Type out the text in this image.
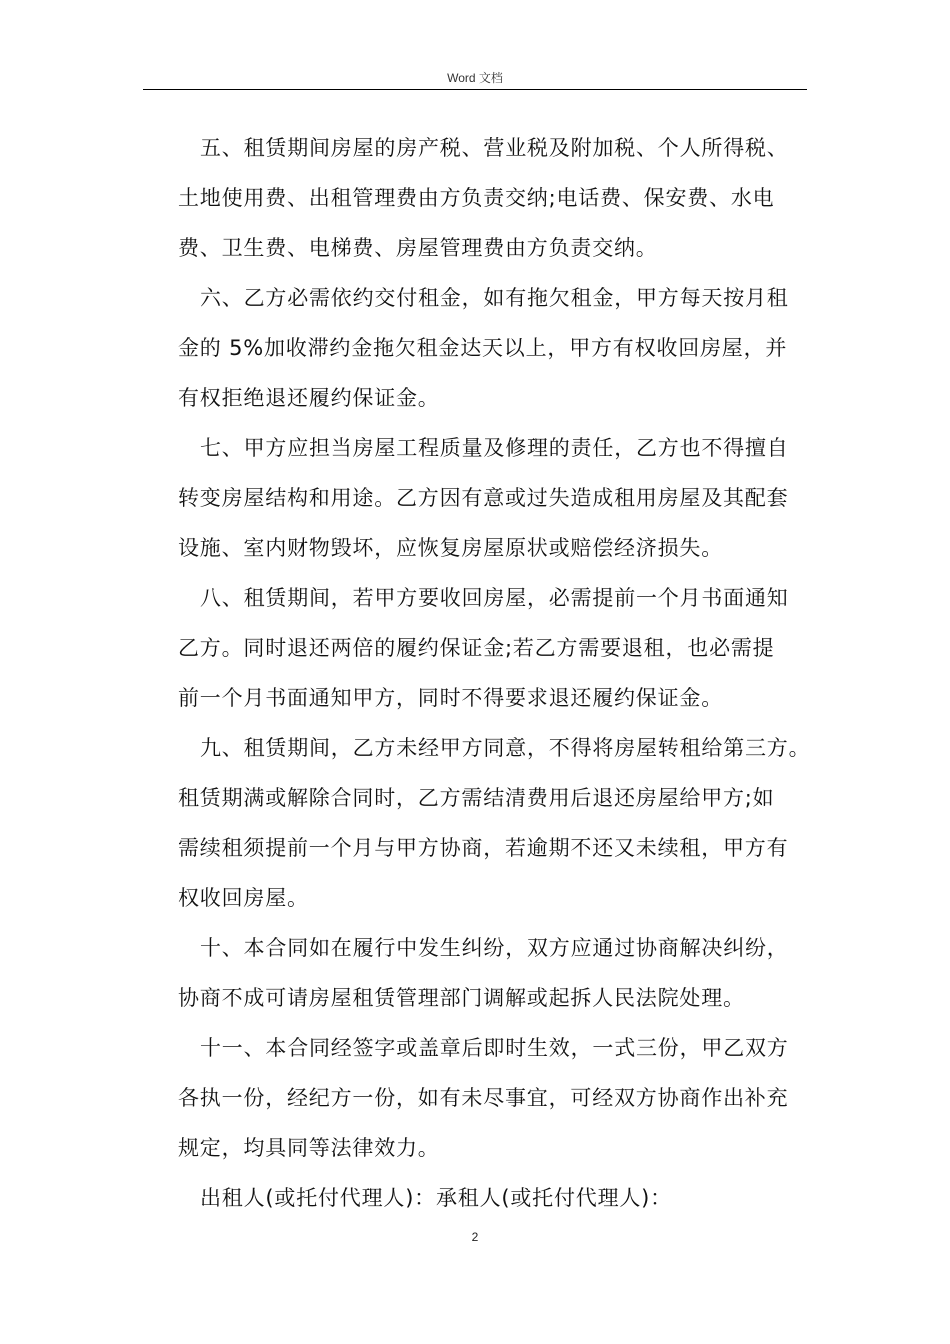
Word 文档

五、租赁期间房屋的房产税、营业税及附加税、个人所得税、

土地使用费、出租管理费由方负责交纳;电话费、保安费、水电

费、卫生费、电梯费、房屋管理费由方负责交纳。

六、乙方必需依约交付租金，如有拖欠租金，甲方每天按月租

金的 5%加收滞约金拖欠租金达天以上，甲方有权收回房屋，并

有权拒绝退还履约保证金。

七、甲方应担当房屋工程质量及修理的责任，乙方也不得擅自

转变房屋结构和用途。乙方因有意或过失造成租用房屋及其配套

设施、室内财物毁坏，应恢复房屋原状或赔偿经济损失。

八、租赁期间，若甲方要收回房屋，必需提前一个月书面通知

乙方。同时退还两倍的履约保证金;若乙方需要退租，也必需提

前一个月书面通知甲方，同时不得要求退还履约保证金。

九、租赁期间，乙方未经甲方同意，不得将房屋转租给第三方。

租赁期满或解除合同时，乙方需结清费用后退还房屋给甲方;如

需续租须提前一个月与甲方协商，若逾期不还又未续租，甲方有

权收回房屋。

十、本合同如在履行中发生纠纷，双方应通过协商解决纠纷，

协商不成可请房屋租赁管理部门调解或起拆人民法院处理。

十一、本合同经签字或盖章后即时生效，一式三份，甲乙双方

各执一份，经纪方一份，如有未尽事宜，可经双方协商作出补充

规定，均具同等法律效力。

出租人(或托付代理人)：承租人(或托付代理人)：

2
